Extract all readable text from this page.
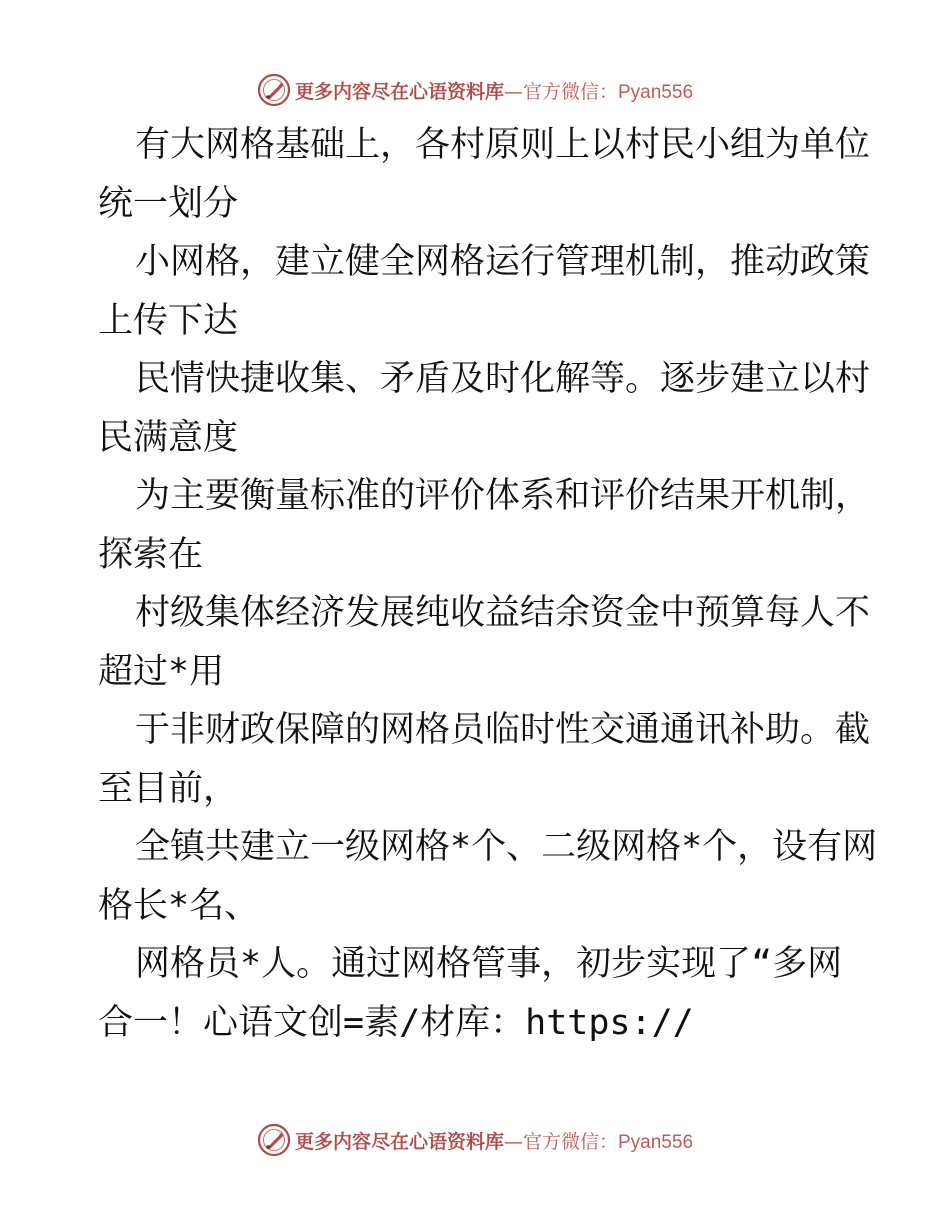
更多内容尽在心语资料库—官方微信：Pyan556
有大网格基础上，各村原则上以村民小组为单位
统一划分
小网格，建立健全网格运行管理机制，推动政策
上传下达
民情快捷收集、矛盾及时化解等。逐步建立以村
民满意度
为主要衡量标准的评价体系和评价结果开机制，
探索在
村级集体经济发展纯收益结余资金中预算每人不
超过*用
于非财政保障的网格员临时性交通通讯补助。截
至目前，
全镇共建立一级网格*个、二级网格*个，设有网
格长*名、
网格员*人。通过网格管事，初步实现了“多网
合一！心语文创=素/材库：https://
更多内容尽在心语资料库—官方微信：Pyan556
